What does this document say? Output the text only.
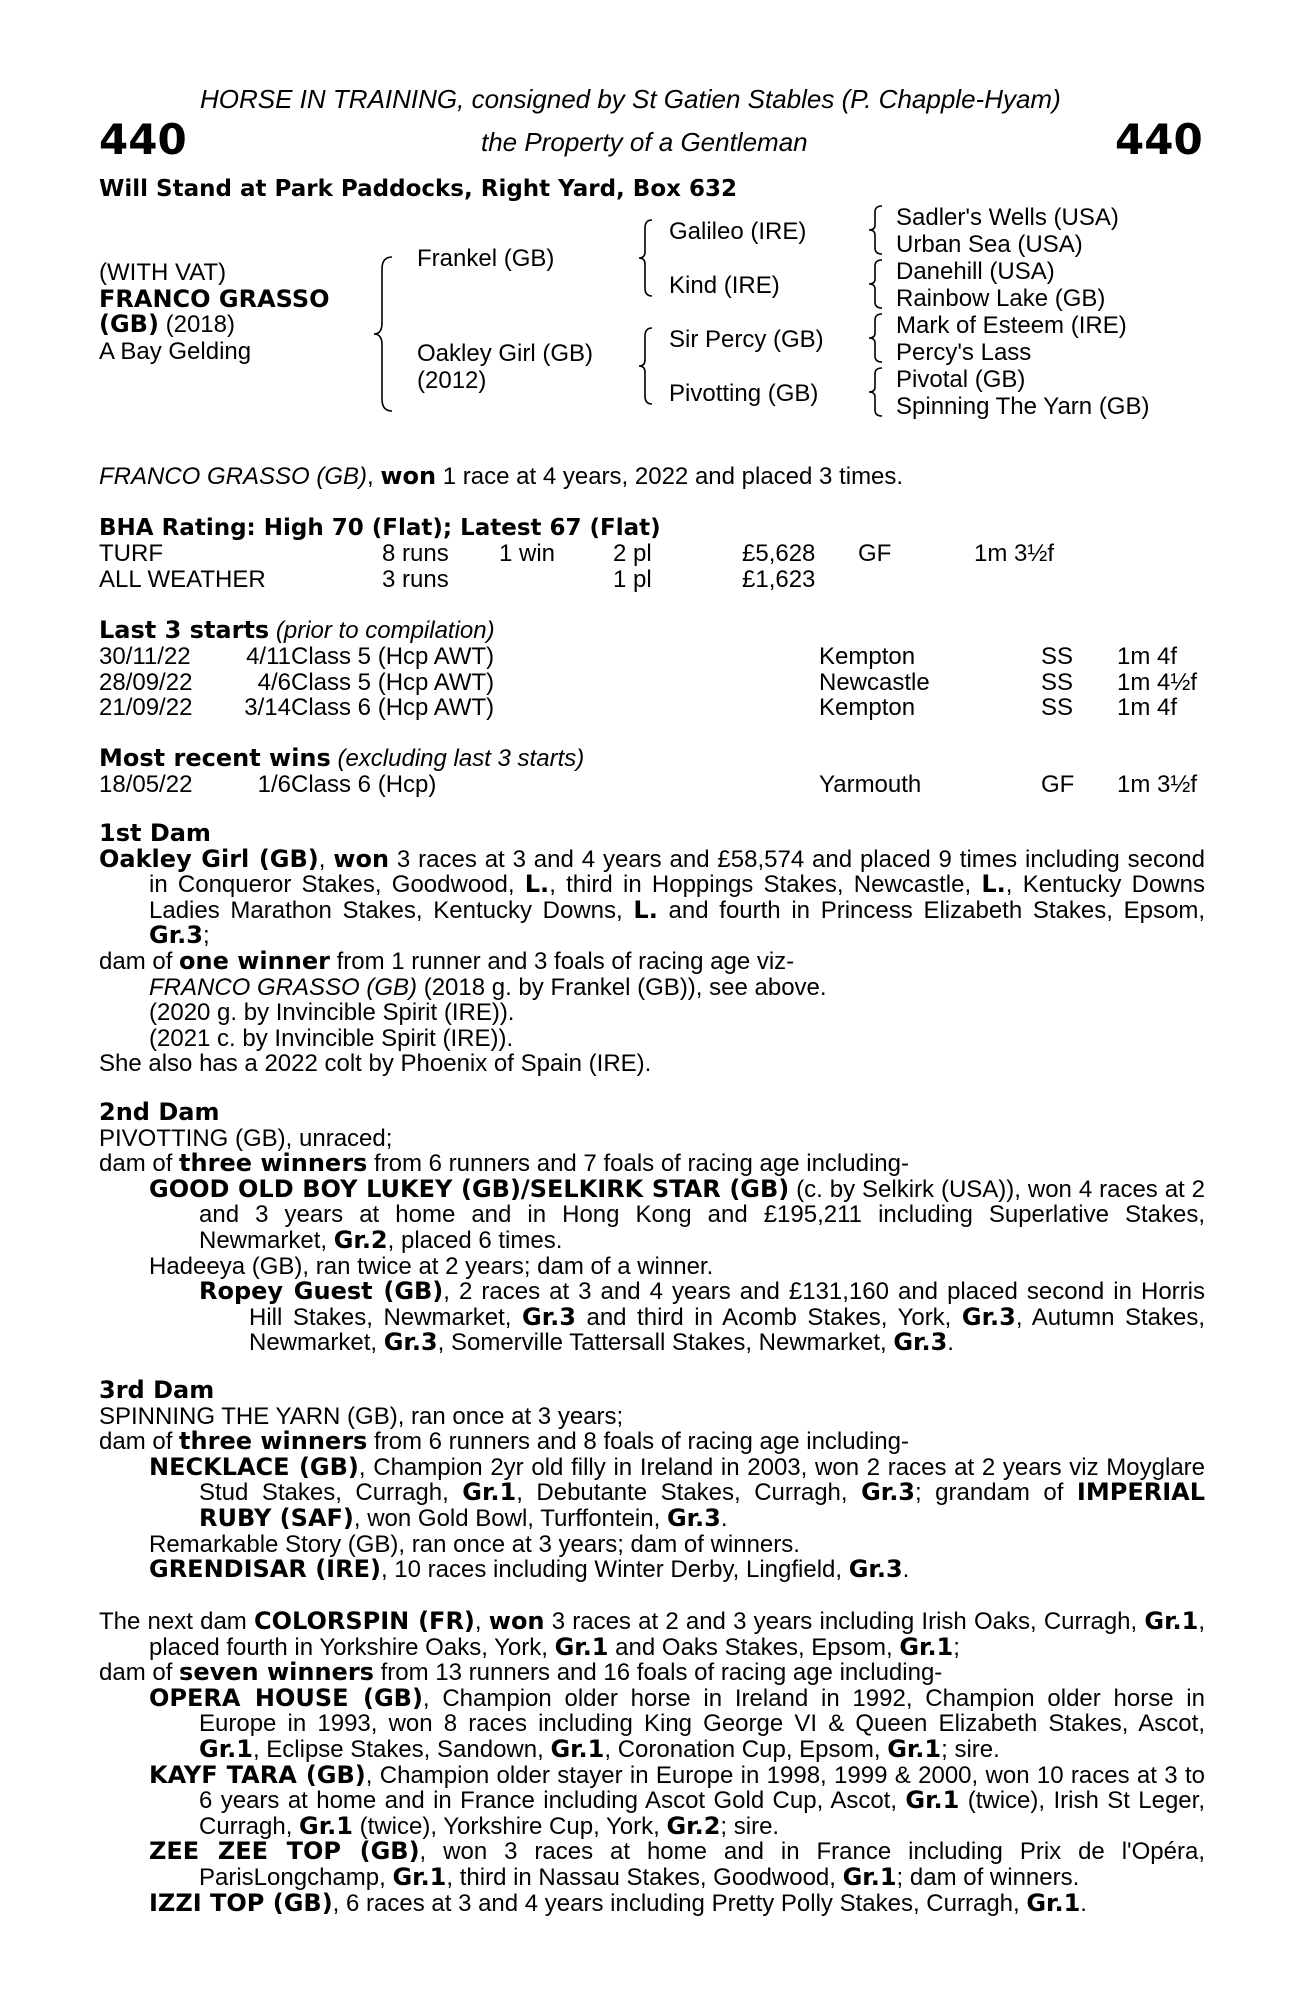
HORSE IN TRAINING, consigned by St Gatien Stables (P. Chapple-Hyam)
440	the Property of a Gentleman	440
Will Stand at Park Paddocks, Right Yard, Box 632
(WITH VAT)
FRANCO GRASSO
(GB) (2018)
A Bay Gelding
Frankel (GB)
Oakley Girl (GB)
(2012)
Galileo (IRE)
Kind (IRE)
Sir Percy (GB)
Pivotting (GB)
Sadler's Wells (USA)
Urban Sea (USA)
Danehill (USA)
Rainbow Lake (GB)
Mark of Esteem (IRE)
Percy's Lass
Pivotal (GB)
Spinning The Yarn (GB)
FRANCO GRASSO (GB), won 1 race at 4 years, 2022 and placed 3 times.
BHA Rating: High 70 (Flat); Latest 67 (Flat)
TURF	8 runs 1 win 2 pl	£5,628 GF	1m 3½f
ALL WEATHER	3 runs	1 pl	£1,623
Last 3 starts (prior to compilation)
30/11/22 4/11 Class 5 (Hcp AWT)	Kempton	SS 1m 4f
28/09/22	4/6 Class 5 (Hcp AWT)	Newcastle	SS 1m 4½f
21/09/22 3/14 Class 6 (Hcp AWT)	Kempton	SS 1m 4f
Most recent wins (excluding last 3 starts)
18/05/22	1/6 Class 6 (Hcp)	Yarmouth	GF 1m 3½f
1st Dam

Oakley Girl (GB), won 3 races at 3 and 4 years and £58,574 and placed 9 times including second in Conqueror Stakes, Goodwood, L., third in Hoppings Stakes, Newcastle, L., Kentucky Downs Ladies Marathon Stakes, Kentucky Downs, L. and fourth in Princess Elizabeth Stakes, Epsom, Gr.3;

dam of one winner from 1 runner and 3 foals of racing age viz-

FRANCO GRASSO (GB) (2018 g. by Frankel (GB)), see above.

(2020 g. by Invincible Spirit (IRE)).

(2021 c. by Invincible Spirit (IRE)).

She also has a 2022 colt by Phoenix of Spain (IRE).

2nd Dam

PIVOTTING (GB), unraced;

dam of three winners from 6 runners and 7 foals of racing age including-

GOOD OLD BOY LUKEY (GB)/SELKIRK STAR (GB) (c. by Selkirk (USA)), won 4 races at 2 and 3 years at home and in Hong Kong and £195,211 including Superlative Stakes, Newmarket, Gr.2, placed 6 times.

Hadeeya (GB), ran twice at 2 years; dam of a winner.

Ropey Guest (GB), 2 races at 3 and 4 years and £131,160 and placed second in Horris Hill Stakes, Newmarket, Gr.3 and third in Acomb Stakes, York, Gr.3, Autumn Stakes, Newmarket, Gr.3, Somerville Tattersall Stakes, Newmarket, Gr.3.

3rd Dam

SPINNING THE YARN (GB), ran once at 3 years;

dam of three winners from 6 runners and 8 foals of racing age including-

NECKLACE (GB), Champion 2yr old filly in Ireland in 2003, won 2 races at 2 years viz Moyglare Stud Stakes, Curragh, Gr.1, Debutante Stakes, Curragh, Gr.3; grandam of IMPERIAL RUBY (SAF), won Gold Bowl, Turffontein, Gr.3.

Remarkable Story (GB), ran once at 3 years; dam of winners.

GRENDISAR (IRE), 10 races including Winter Derby, Lingfield, Gr.3.

The next dam COLORSPIN (FR), won 3 races at 2 and 3 years including Irish Oaks, Curragh, Gr.1, placed fourth in Yorkshire Oaks, York, Gr.1 and Oaks Stakes, Epsom, Gr.1;

dam of seven winners from 13 runners and 16 foals of racing age including-

OPERA HOUSE (GB), Champion older horse in Ireland in 1992, Champion older horse in Europe in 1993, won 8 races including King George VI & Queen Elizabeth Stakes, Ascot, Gr.1, Eclipse Stakes, Sandown, Gr.1, Coronation Cup, Epsom, Gr.1; sire.

KAYF TARA (GB), Champion older stayer in Europe in 1998, 1999 & 2000, won 10 races at 3 to 6 years at home and in France including Ascot Gold Cup, Ascot, Gr.1 (twice), Irish St Leger, Curragh, Gr.1 (twice), Yorkshire Cup, York, Gr.2; sire.

ZEE ZEE TOP (GB), won 3 races at home and in France including Prix de l'Opéra, ParisLongchamp, Gr.1, third in Nassau Stakes, Goodwood, Gr.1; dam of winners.

IZZI TOP (GB), 6 races at 3 and 4 years including Pretty Polly Stakes, Curragh, Gr.1.
